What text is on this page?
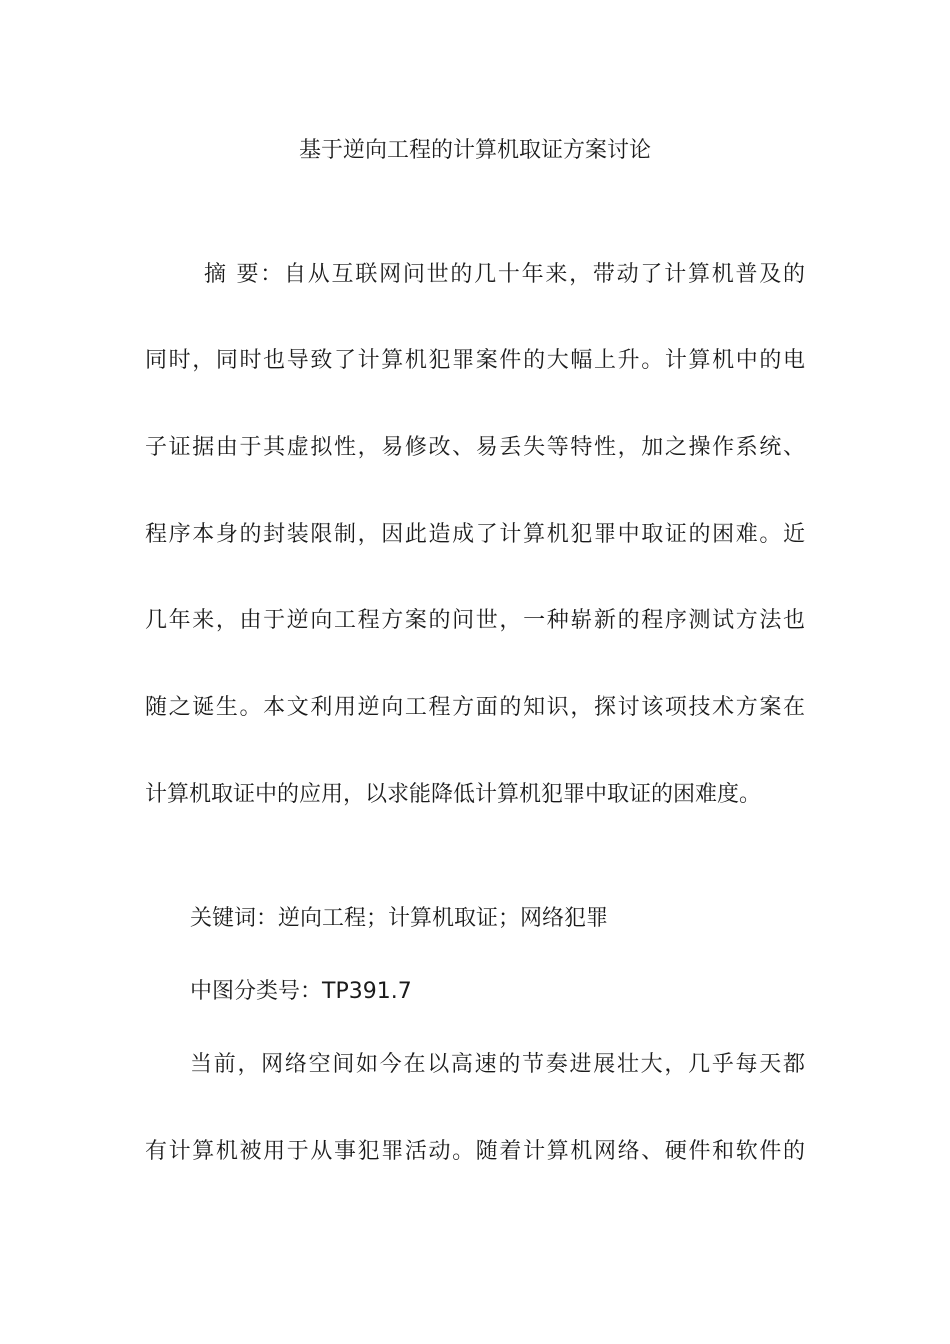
基于逆向工程的计算机取证方案讨论
摘 要：自从互联网问世的几十年来，带动了计算机普及的
同时，同时也导致了计算机犯罪案件的大幅上升。计算机中的电
子证据由于其虚拟性，易修改、易丢失等特性，加之操作系统、
程序本身的封装限制，因此造成了计算机犯罪中取证的困难。近
几年来，由于逆向工程方案的问世，一种崭新的程序测试方法也
随之诞生。本文利用逆向工程方面的知识，探讨该项技术方案在
计算机取证中的应用，以求能降低计算机犯罪中取证的困难度。
关键词：逆向工程；计算机取证；网络犯罪
中图分类号：TP391.7
当前，网络空间如今在以高速的节奏进展壮大，几乎每天都
有计算机被用于从事犯罪活动。随着计算机网络、硬件和软件的
